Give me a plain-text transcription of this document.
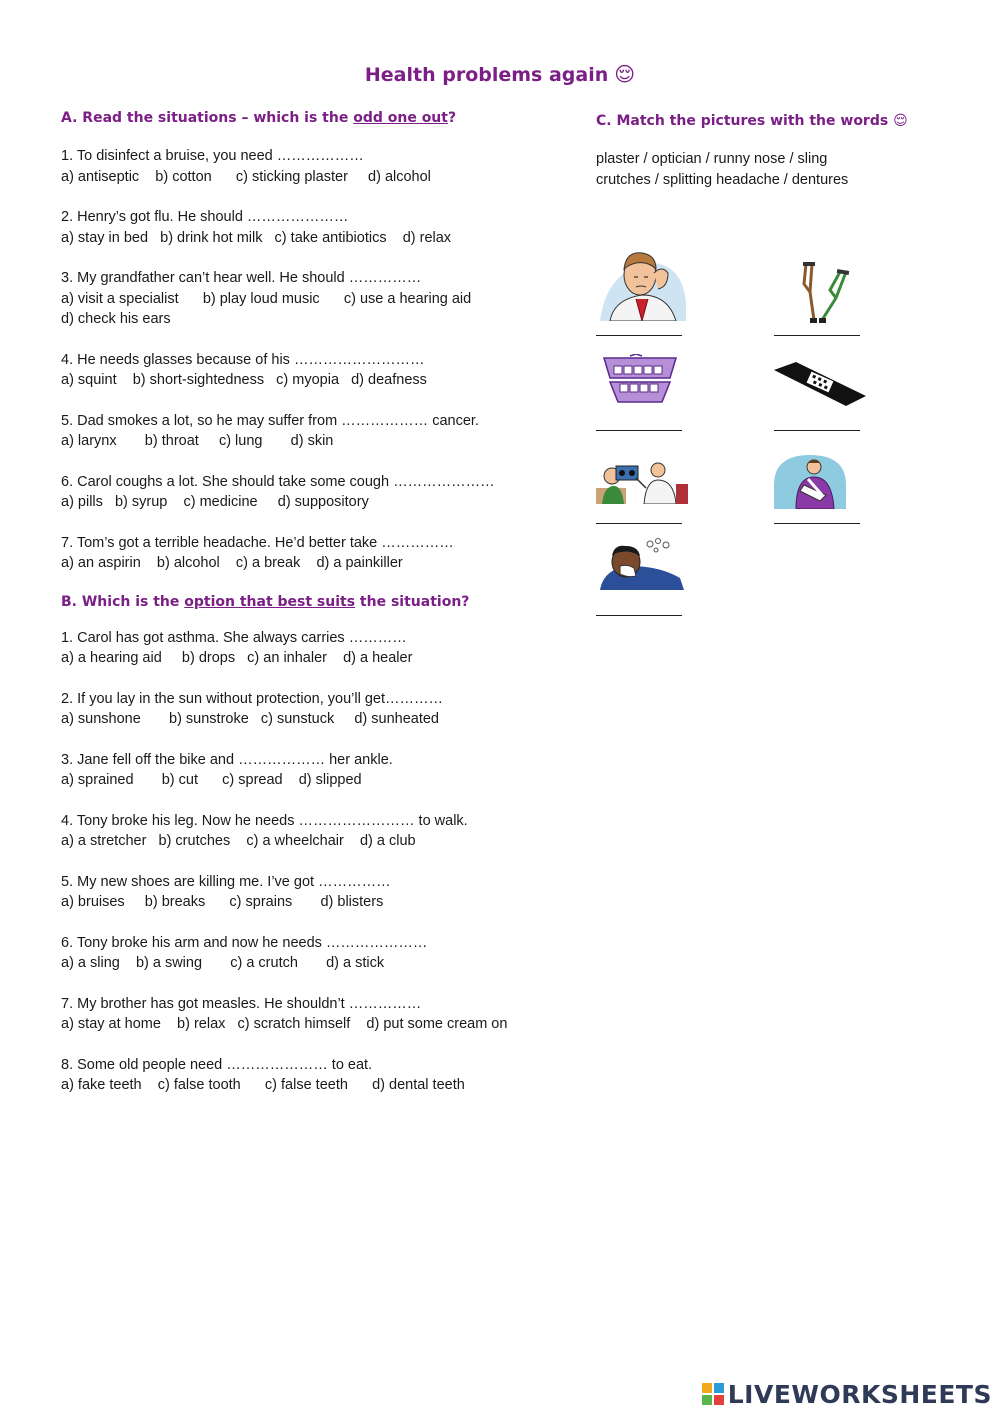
Health problems again 😌
A. Read the situations – which is the odd one out?
1. To disinfect a bruise, you need ………………
a) antiseptic    b) cotton      c) sticking plaster     d) alcohol
2. Henry’s got flu. He should …………………
a) stay in bed   b) drink hot milk   c) take antibiotics    d) relax
3. My grandfather can’t hear well. He should ……………
a) visit a specialist      b) play loud music      c) use a hearing aid
d) check his ears
4. He needs glasses because of his ………………………
a) squint    b) short-sightedness   c) myopia   d) deafness
5. Dad smokes a lot, so he may suffer from ……………… cancer.
a) larynx       b) throat     c) lung       d) skin
6. Carol coughs a lot. She should take some cough …………………
a) pills   b) syrup    c) medicine     d) suppository
7. Tom’s got a terrible headache. He’d better take ……………
a) an aspirin    b) alcohol    c) a break    d) a painkiller
B. Which is the option that best suits the situation?
1. Carol has got asthma. She always carries …………
a) a hearing aid     b) drops   c) an inhaler    d) a healer
2. If you lay in the sun without protection, you’ll get…………
a) sunshone       b) sunstroke   c) sunstuck     d) sunheated
3. Jane fell off the bike and ……………… her ankle.
a) sprained       b) cut      c) spread    d) slipped
4. Tony broke his leg. Now he needs …………………… to walk.
a) a stretcher   b) crutches    c) a wheelchair    d) a club
5. My new shoes are killing me. I’ve got ……………
a) bruises     b) breaks      c) sprains       d) blisters
6. Tony broke his arm and now he needs …………………
a) a sling    b) a swing       c) a crutch       d) a stick
7. My brother has got measles. He shouldn’t ……………
a) stay at home    b) relax   c) scratch himself    d) put some cream on
8. Some old people need ………………… to eat.
a) fake teeth    c) false tooth      c) false teeth      d) dental teeth
C. Match the pictures with the words 😌
plaster / optician / runny nose / sling
crutches / splitting headache / dentures
LIVEWORKSHEETS
